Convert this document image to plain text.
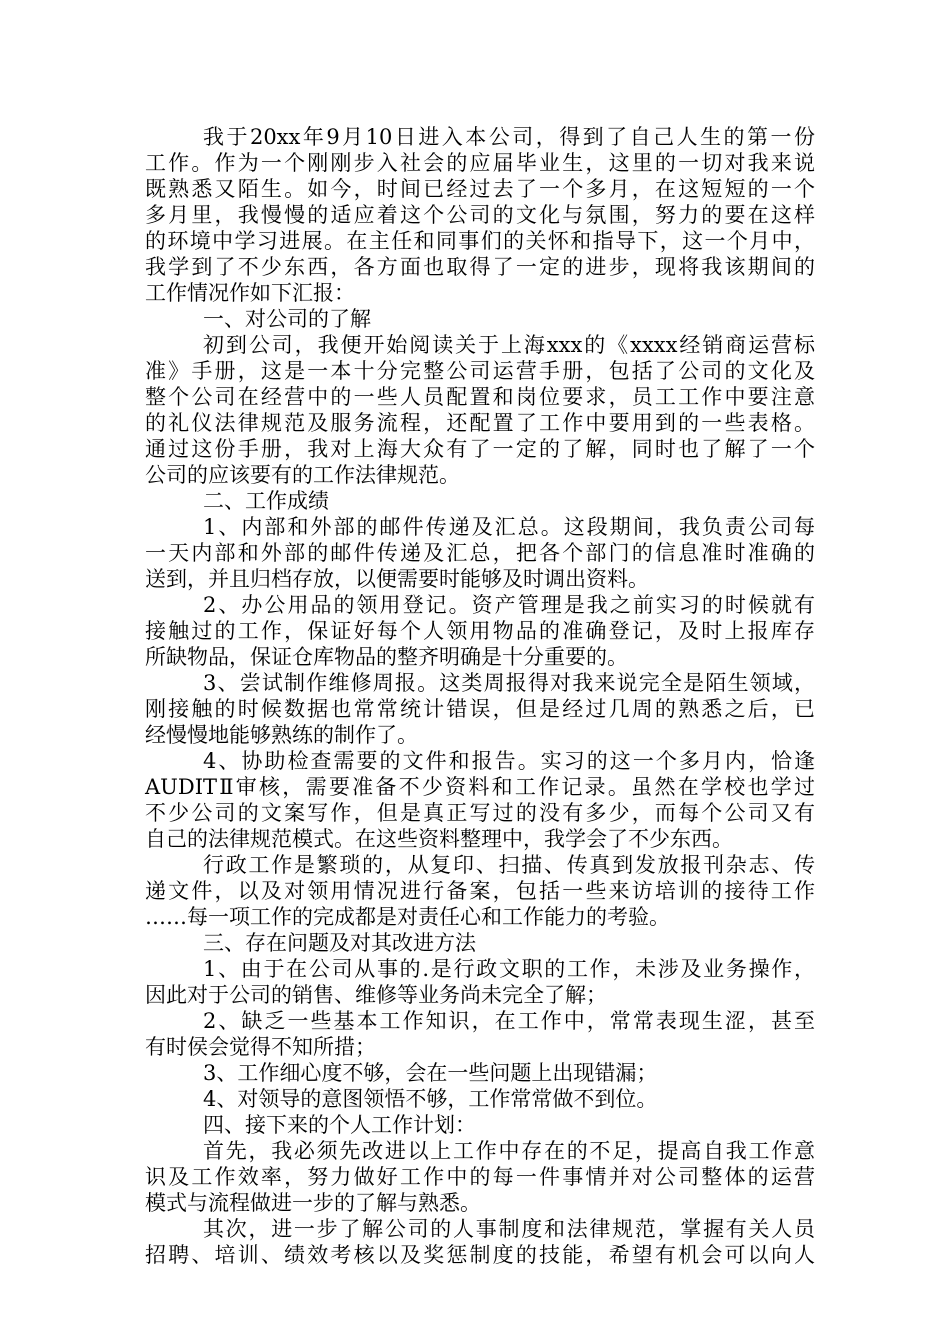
我于20xx年9月10日进入本公司，得到了自己人生的第一份
工作。作为一个刚刚步入社会的应届毕业生，这里的一切对我来说
既熟悉又陌生。如今，时间已经过去了一个多月，在这短短的一个
多月里，我慢慢的适应着这个公司的文化与氛围，努力的要在这样
的环境中学习进展。在主任和同事们的关怀和指导下，这一个月中，
我学到了不少东西，各方面也取得了一定的进步，现将我该期间的
工作情况作如下汇报：
一、对公司的了解
初到公司，我便开始阅读关于上海xxx的《xxxx经销商运营标
准》手册，这是一本十分完整公司运营手册，包括了公司的文化及
整个公司在经营中的一些人员配置和岗位要求，员工工作中要注意
的礼仪法律规范及服务流程，还配置了工作中要用到的一些表格。
通过这份手册，我对上海大众有了一定的了解，同时也了解了一个
公司的应该要有的工作法律规范。
二、工作成绩
1、内部和外部的邮件传递及汇总。这段期间，我负责公司每
一天内部和外部的邮件传递及汇总，把各个部门的信息准时准确的
送到，并且归档存放，以便需要时能够及时调出资料。
2、办公用品的领用登记。资产管理是我之前实习的时候就有
接触过的工作，保证好每个人领用物品的准确登记，及时上报库存
所缺物品，保证仓库物品的整齐明确是十分重要的。
3、尝试制作维修周报。这类周报得对我来说完全是陌生领域，
刚接触的时候数据也常常统计错误，但是经过几周的熟悉之后，已
经慢慢地能够熟练的制作了。
4、协助检查需要的文件和报告。实习的这一个多月内，恰逢
AUDITⅡ审核，需要准备不少资料和工作记录。虽然在学校也学过
不少公司的文案写作，但是真正写过的没有多少，而每个公司又有
自己的法律规范模式。在这些资料整理中，我学会了不少东西。
行政工作是繁琐的，从复印、扫描、传真到发放报刊杂志、传
递文件，以及对领用情况进行备案，包括一些来访培训的接待工作
……每一项工作的完成都是对责任心和工作能力的考验。
三、存在问题及对其改进方法
1、由于在公司从事的.是行政文职的工作，未涉及业务操作，
因此对于公司的销售、维修等业务尚未完全了解；
2、缺乏一些基本工作知识，在工作中，常常表现生涩，甚至
有时侯会觉得不知所措；
3、工作细心度不够，会在一些问题上出现错漏；
4、对领导的意图领悟不够，工作常常做不到位。
四、接下来的个人工作计划：
首先，我必须先改进以上工作中存在的不足，提高自我工作意
识及工作效率，努力做好工作中的每一件事情并对公司整体的运营
模式与流程做进一步的了解与熟悉。
其次，进一步了解公司的人事制度和法律规范，掌握有关人员
招聘、培训、绩效考核以及奖惩制度的技能，希望有机会可以向人
